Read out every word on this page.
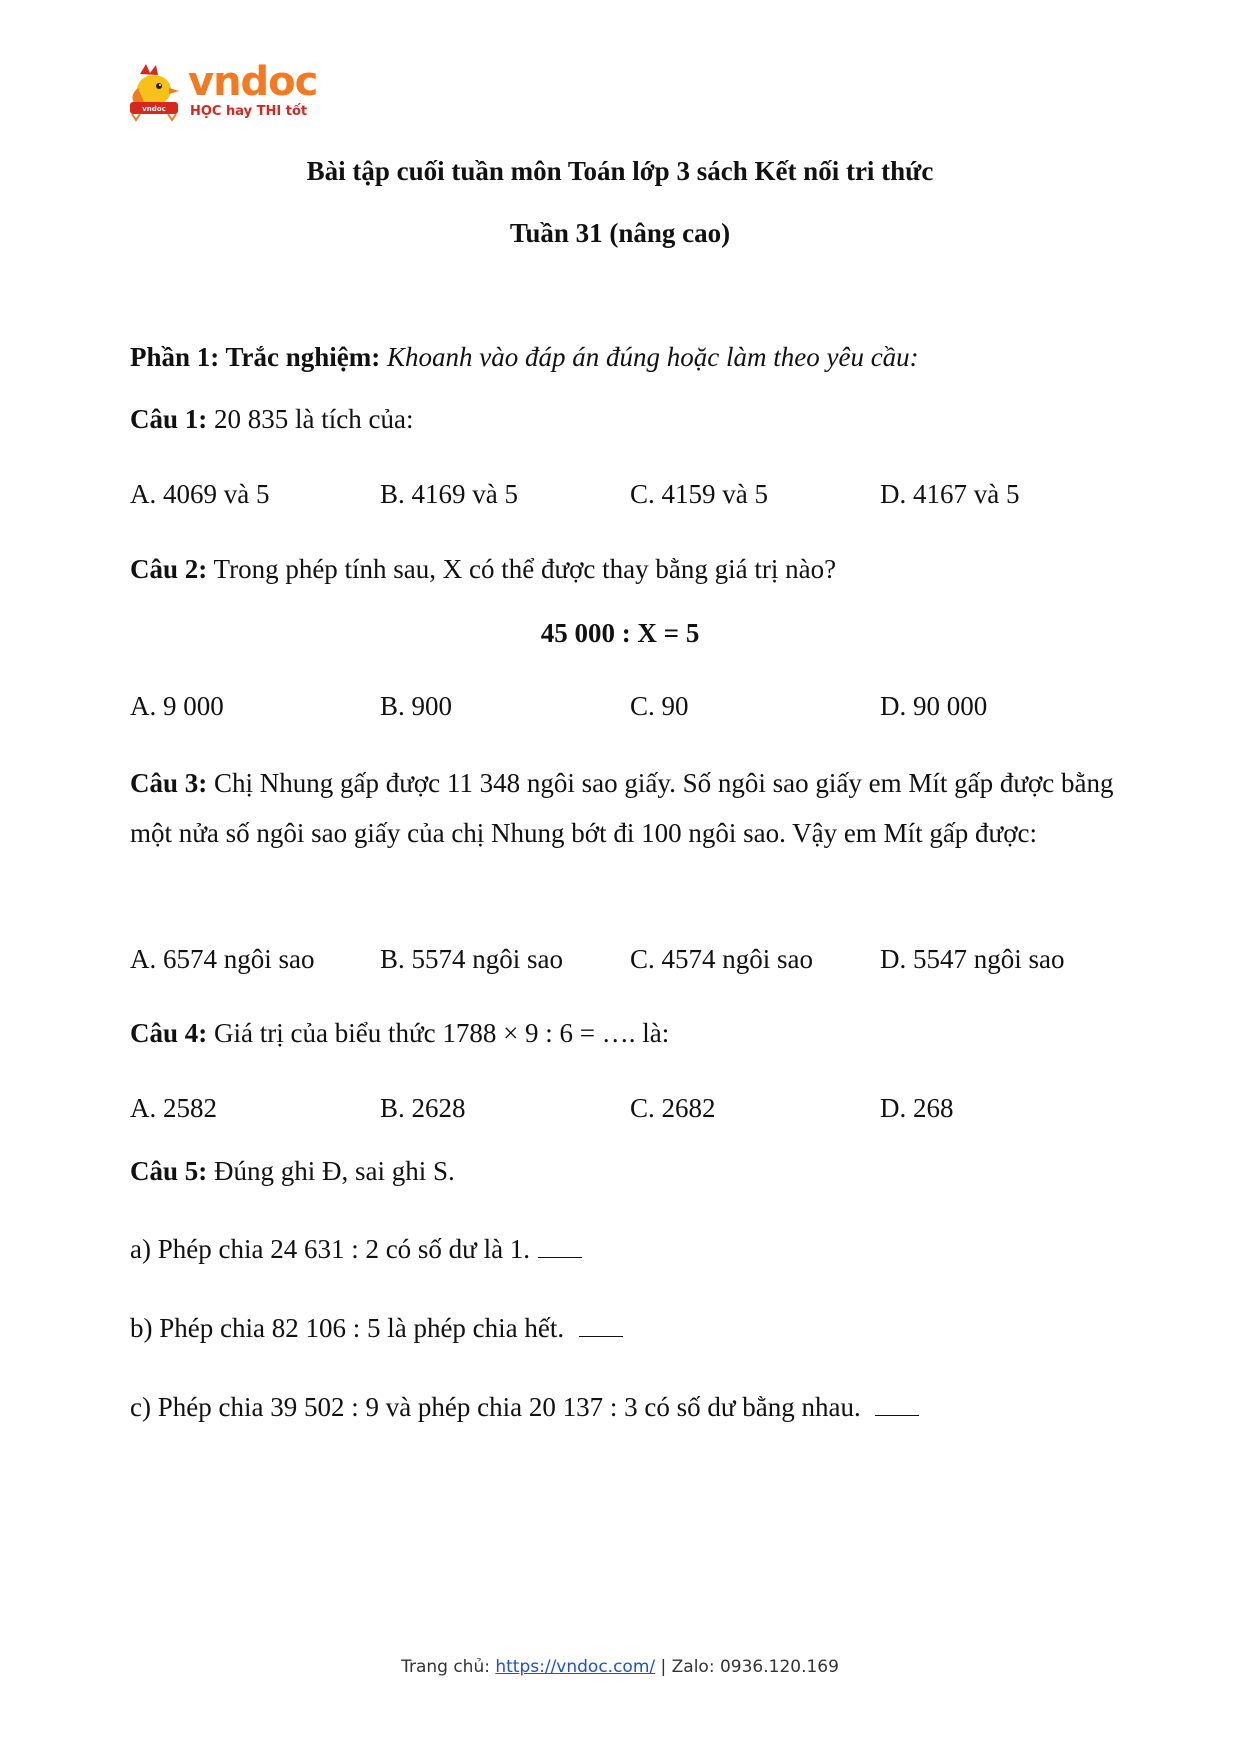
vndoc
vndoc
HỌC hay THI tốt
Bài tập cuối tuần môn Toán lớp 3 sách Kết nối tri thức
Tuần 31 (nâng cao)
Phần 1: Trắc nghiệm: Khoanh vào đáp án đúng hoặc làm theo yêu cầu:
Câu 1: 20 835 là tích của:
A. 4069 và 5	B. 4169 và 5	C. 4159 và 5	D. 4167 và 5
Câu 2: Trong phép tính sau, X có thể được thay bằng giá trị nào?
45 000 : X = 5
A. 9 000	B. 900	C. 90	D. 90 000
Câu 3: Chị Nhung gấp được 11 348 ngôi sao giấy. Số ngôi sao giấy em Mít gấp được bằng một nửa số ngôi sao giấy của chị Nhung bớt đi 100 ngôi sao. Vậy em Mít gấp được:
A. 6574 ngôi sao B. 5574 ngôi sao C. 4574 ngôi sao D. 5547 ngôi sao
Câu 4: Giá trị của biểu thức 1788 × 9 : 6 = …. là:
A. 2582	B. 2628	C. 2682	D. 268
Câu 5: Đúng ghi Đ, sai ghi S.
a) Phép chia 24 631 : 2 có số dư là 1.
b) Phép chia 82 106 : 5 là phép chia hết.
c) Phép chia 39 502 : 9 và phép chia 20 137 : 3 có số dư bằng nhau.
Trang chủ: https://vndoc.com/ | Zalo: 0936.120.169
